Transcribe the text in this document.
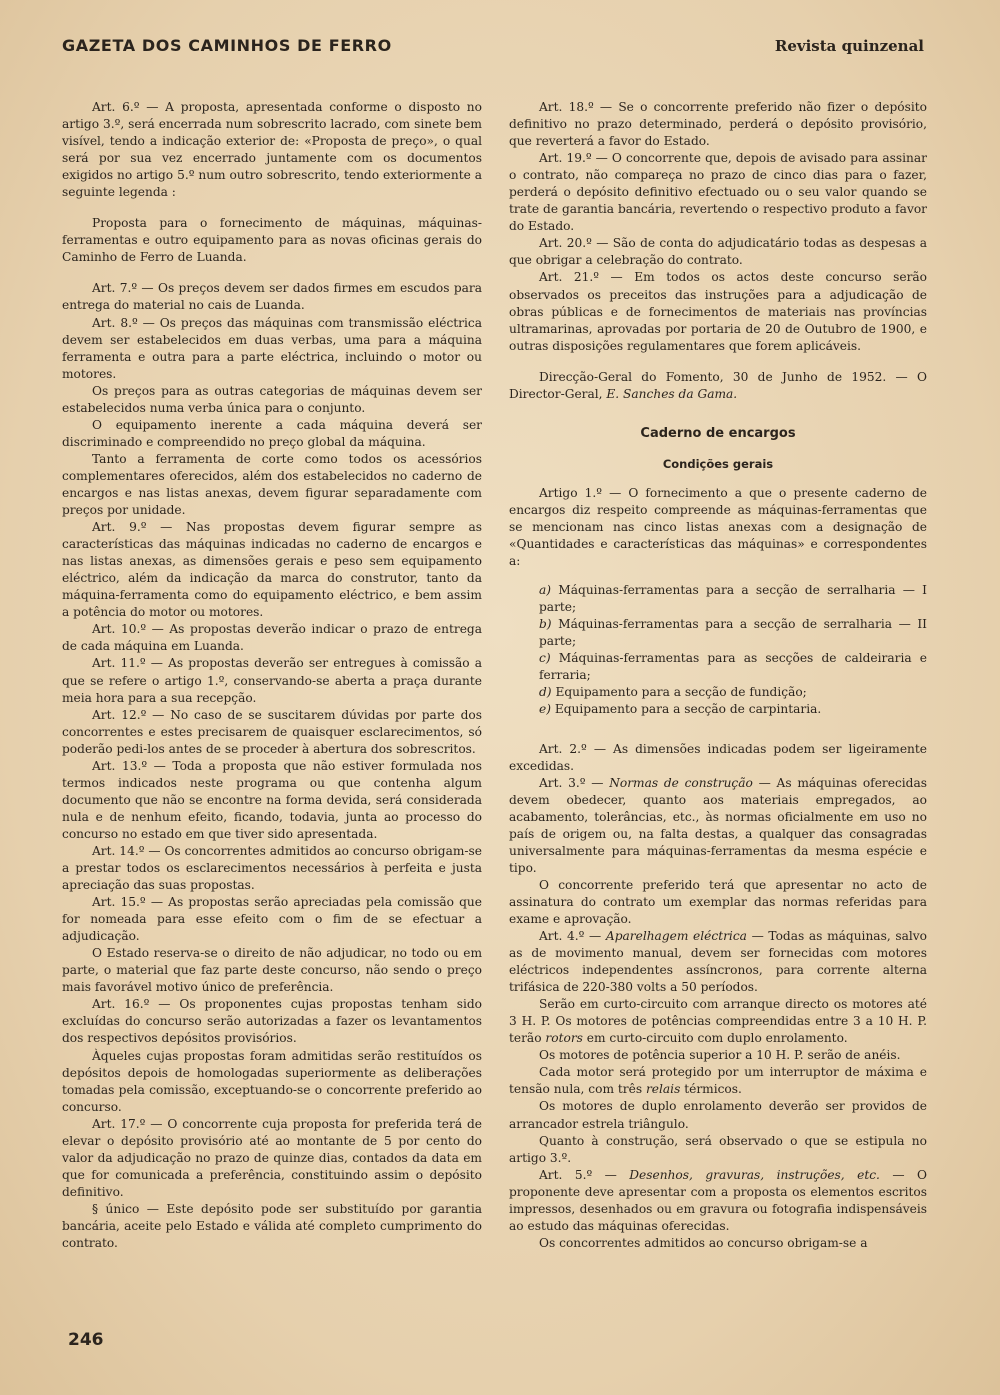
GAZETA DOS CAMINHOS DE FERRO	Revista quinzenal

Art. 6.º — A proposta, apresentada conforme o disposto no artigo 3.º, será encerrada num sobrescrito lacrado, com sinete bem visível, tendo a indicação exterior de: «Proposta de preço», o qual será por sua vez encerrado juntamente com os documentos exigidos no artigo 5.º num outro sobrescrito, tendo exteriormente a seguinte legenda :

Proposta para o fornecimento de máquinas, máquinas-ferramentas e outro equipamento para as novas oficinas gerais do Caminho de Ferro de Luanda.

Art. 7.º — Os preços devem ser dados firmes em escudos para entrega do material no cais de Luanda.

Art. 8.º — Os preços das máquinas com transmissão eléctrica devem ser estabelecidos em duas verbas, uma para a máquina ferramenta e outra para a parte eléctrica, incluindo o motor ou motores.

Os preços para as outras categorias de máquinas devem ser estabelecidos numa verba única para o conjunto.

O equipamento inerente a cada máquina deverá ser discriminado e compreendido no preço global da máquina.

Tanto a ferramenta de corte como todos os acessórios complementares oferecidos, além dos estabelecidos no caderno de encargos e nas listas anexas, devem figurar separadamente com preços por unidade.

Art. 9.º — Nas propostas devem figurar sempre as características das máquinas indicadas no caderno de encargos e nas listas anexas, as dimensões gerais e peso sem equipamento eléctrico, além da indicação da marca do construtor, tanto da máquina-ferramenta como do equipamento eléctrico, e bem assim a potência do motor ou motores.

Art. 10.º — As propostas deverão indicar o prazo de entrega de cada máquina em Luanda.

Art. 11.º — As propostas deverão ser entregues à comissão a que se refere o artigo 1.º, conservando-se aberta a praça durante meia hora para a sua recepção.

Art. 12.º — No caso de se suscitarem dúvidas por parte dos concorrentes e estes precisarem de quaisquer esclarecimentos, só poderão pedi-los antes de se proceder à abertura dos sobrescritos.

Art. 13.º — Toda a proposta que não estiver formulada nos termos indicados neste programa ou que contenha algum documento que não se encontre na forma devida, será considerada nula e de nenhum efeito, ficando, todavia, junta ao processo do concurso no estado em que tiver sido apresentada.

Art. 14.º — Os concorrentes admitidos ao concurso obrigam-se a prestar todos os esclarecimentos necessários à perfeita e justa apreciação das suas propostas.

Art. 15.º — As propostas serão apreciadas pela comissão que for nomeada para esse efeito com o fim de se efectuar a adjudicação.

O Estado reserva-se o direito de não adjudicar, no todo ou em parte, o material que faz parte deste concurso, não sendo o preço mais favorável motivo único de preferência.

Art. 16.º — Os proponentes cujas propostas tenham sido excluídas do concurso serão autorizadas a fazer os levantamentos dos respectivos depósitos provisórios.

Àqueles cujas propostas foram admitidas serão restituídos os depósitos depois de homologadas superiormente as deliberações tomadas pela comissão, exceptuando-se o concorrente preferido ao concurso.

Art. 17.º — O concorrente cuja proposta for preferida terá de elevar o depósito provisório até ao montante de 5 por cento do valor da adjudicação no prazo de quinze dias, contados da data em que for comunicada a preferência, constituindo assim o depósito definitivo.

§ único — Este depósito pode ser substituído por garantia bancária, aceite pelo Estado e válida até completo cumprimento do contrato.

Art. 18.º — Se o concorrente preferido não fizer o depósito definitivo no prazo determinado, perderá o depósito provisório, que reverterá a favor do Estado.

Art. 19.º — O concorrente que, depois de avisado para assinar o contrato, não compareça no prazo de cinco dias para o fazer, perderá o depósito definitivo efectuado ou o seu valor quando se trate de garantia bancária, revertendo o respectivo produto a favor do Estado.

Art. 20.º — São de conta do adjudicatário todas as despesas a que obrigar a celebração do contrato.

Art. 21.º — Em todos os actos deste concurso serão observados os preceitos das instruções para a adjudicação de obras públicas e de fornecimentos de materiais nas províncias ultramarinas, aprovadas por portaria de 20 de Outubro de 1900, e outras disposições regulamentares que forem aplicáveis.

Direcção-Geral do Fomento, 30 de Junho de 1952. — O Director-Geral, E. Sanches da Gama.

Caderno de encargos
Condições gerais

Artigo 1.º — O fornecimento a que o presente caderno de encargos diz respeito compreende as máquinas-ferramentas que se mencionam nas cinco listas anexas com a designação de «Quantidades e características das máquinas» e correspondentes a:

a) Máquinas-ferramentas para a secção de serralharia — I parte;

b) Máquinas-ferramentas para a secção de serralharia — II parte;

c) Máquinas-ferramentas para as secções de caldeiraria e ferraria;

d) Equipamento para a secção de fundição;

e) Equipamento para a secção de carpintaria.

Art. 2.º — As dimensões indicadas podem ser ligeiramente excedidas.

Art. 3.º — Normas de construção — As máquinas oferecidas devem obedecer, quanto aos materiais empregados, ao acabamento, tolerâncias, etc., às normas oficialmente em uso no país de origem ou, na falta destas, a qualquer das consagradas universalmente para máquinas-ferramentas da mesma espécie e tipo.

O concorrente preferido terá que apresentar no acto de assinatura do contrato um exemplar das normas referidas para exame e aprovação.

Art. 4.º — Aparelhagem eléctrica — Todas as máquinas, salvo as de movimento manual, devem ser fornecidas com motores eléctricos independentes assíncronos, para corrente alterna trifásica de 220-380 volts a 50 períodos.

Serão em curto-circuito com arranque directo os motores até 3 H. P. Os motores de potências compreendidas entre 3 a 10 H. P. terão rotors em curto-circuito com duplo enrolamento.

Os motores de potência superior a 10 H. P. serão de anéis.

Cada motor será protegido por um interruptor de máxima e tensão nula, com três relais térmicos.

Os motores de duplo enrolamento deverão ser providos de arrancador estrela triângulo.

Quanto à construção, será observado o que se estipula no artigo 3.º.

Art. 5.º — Desenhos, gravuras, instruções, etc. — O proponente deve apresentar com a proposta os elementos escritos impressos, desenhados ou em gravura ou fotografia indispensáveis ao estudo das máquinas oferecidas.

Os concorrentes admitidos ao concurso obrigam-se a

246
